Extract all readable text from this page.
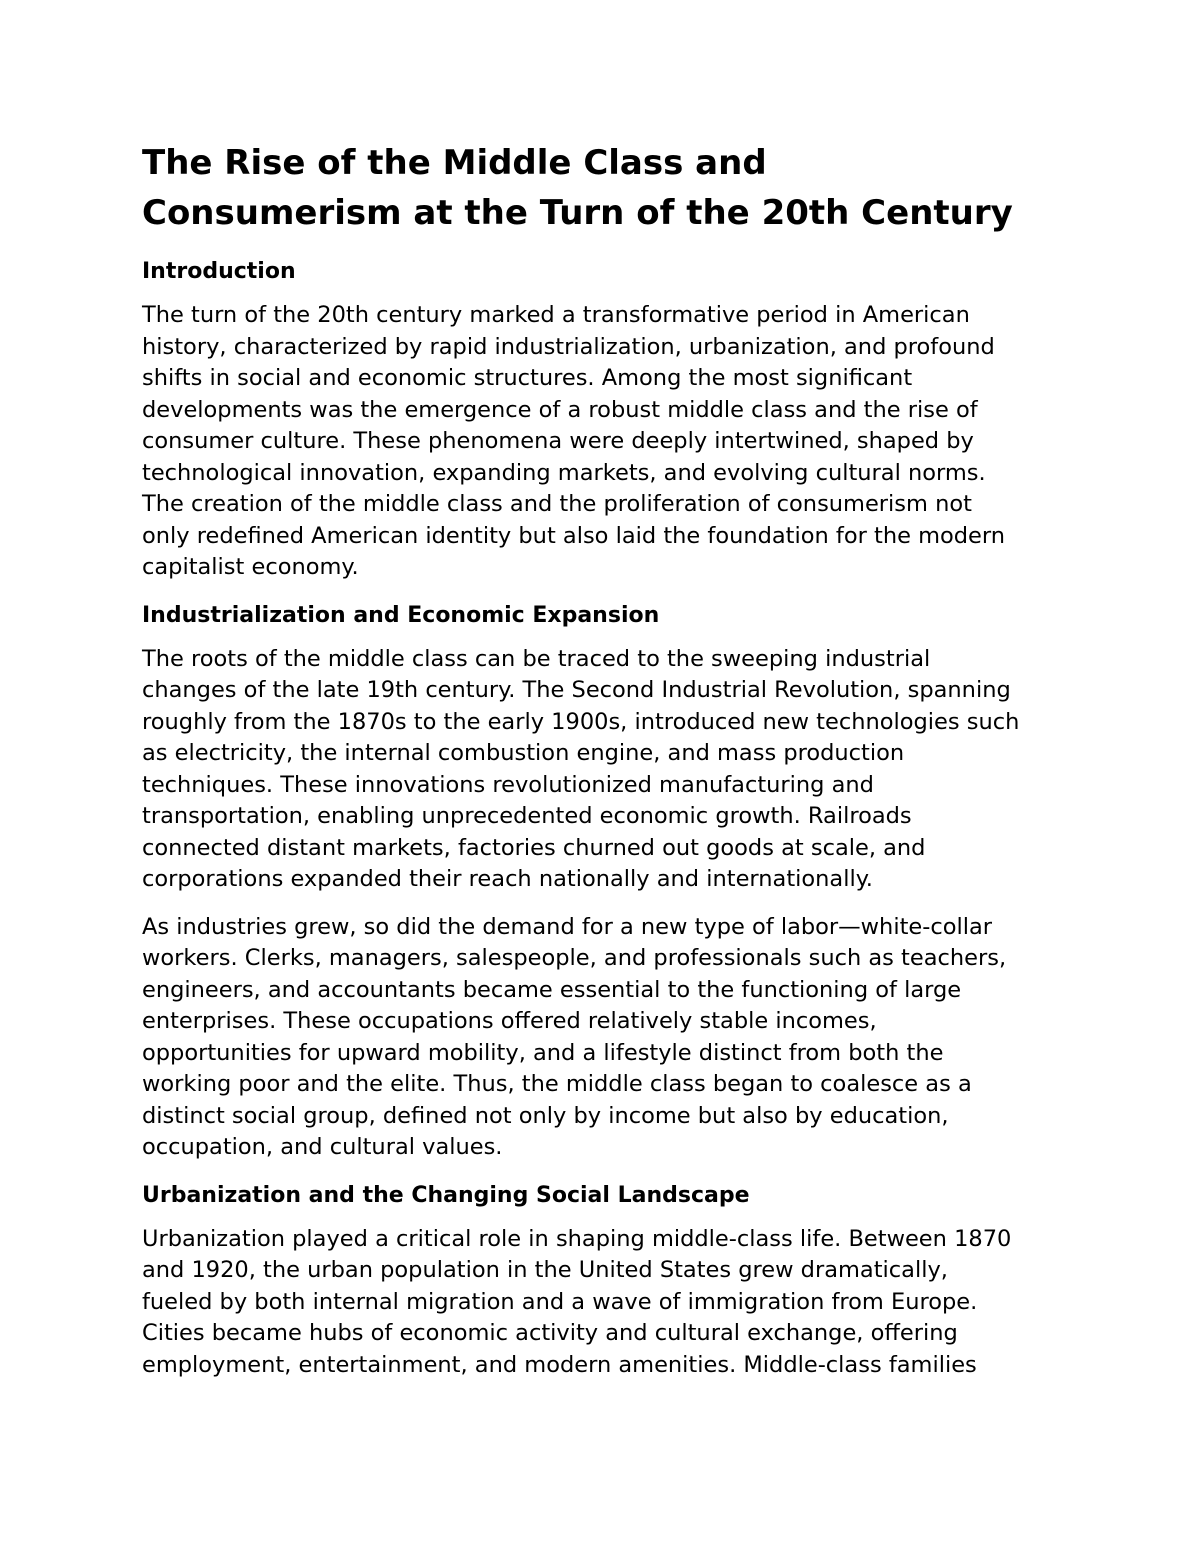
The Rise of the Middle Class and
Consumerism at the Turn of the 20th Century
Introduction

The turn of the 20th century marked a transformative period in American
history, characterized by rapid industrialization, urbanization, and profound
shifts in social and economic structures. Among the most significant
developments was the emergence of a robust middle class and the rise of
consumer culture. These phenomena were deeply intertwined, shaped by
technological innovation, expanding markets, and evolving cultural norms.
The creation of the middle class and the proliferation of consumerism not
only redefined American identity but also laid the foundation for the modern
capitalist economy.

Industrialization and Economic Expansion

The roots of the middle class can be traced to the sweeping industrial
changes of the late 19th century. The Second Industrial Revolution, spanning
roughly from the 1870s to the early 1900s, introduced new technologies such
as electricity, the internal combustion engine, and mass production
techniques. These innovations revolutionized manufacturing and
transportation, enabling unprecedented economic growth. Railroads
connected distant markets, factories churned out goods at scale, and
corporations expanded their reach nationally and internationally.

As industries grew, so did the demand for a new type of labor—white-collar
workers. Clerks, managers, salespeople, and professionals such as teachers,
engineers, and accountants became essential to the functioning of large
enterprises. These occupations offered relatively stable incomes,
opportunities for upward mobility, and a lifestyle distinct from both the
working poor and the elite. Thus, the middle class began to coalesce as a
distinct social group, defined not only by income but also by education,
occupation, and cultural values.

Urbanization and the Changing Social Landscape

Urbanization played a critical role in shaping middle-class life. Between 1870
and 1920, the urban population in the United States grew dramatically,
fueled by both internal migration and a wave of immigration from Europe.
Cities became hubs of economic activity and cultural exchange, offering
employment, entertainment, and modern amenities. Middle-class families
